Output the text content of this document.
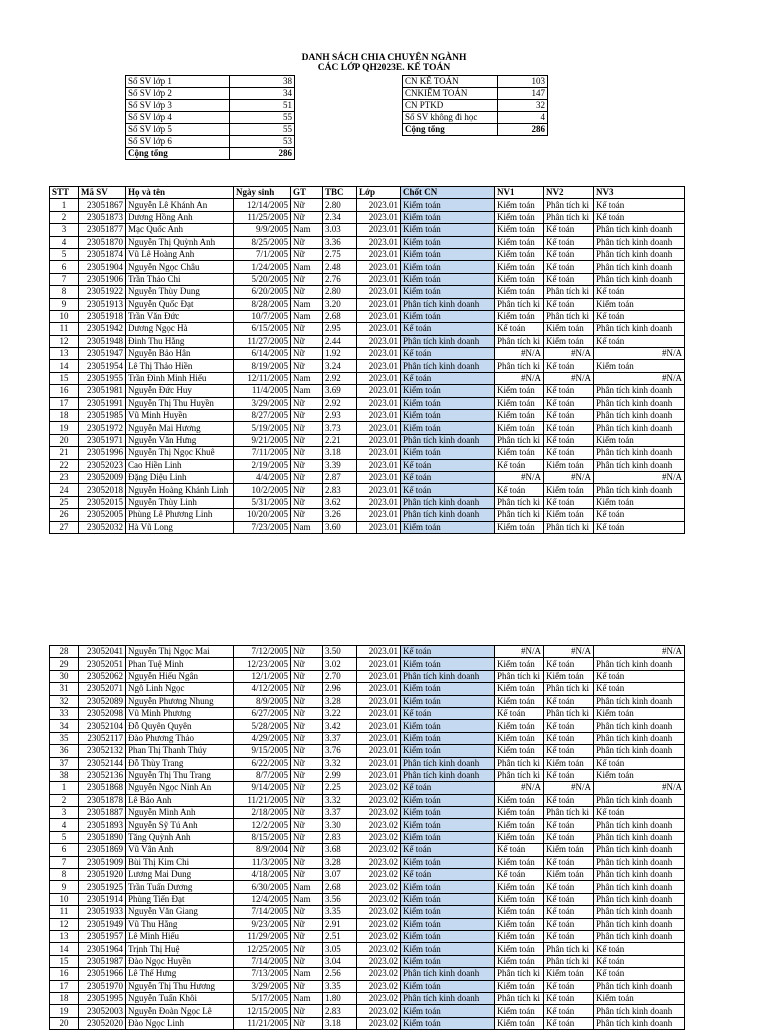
DANH SÁCH CHIA CHUYÊN NGÀNH
CÁC LỚP QH2023E. KẾ TOÁN
Số SV lớp 1	38
Số SV lớp 2	34
Số SV lớp 3	51
Số SV lớp 4	55
Số SV lớp 5	55
Số SV lớp 6	53
Cộng tổng	286
CN KẾ TOÁN	103
CNKIỂM TOÁN	147
CN PTKD	32
Số SV không đi học	4
Cộng tổng	286
STT	Mã SV	Họ và tên	Ngày sinh	GT	TBC	Lớp	Chốt CN	NV1	NV2	NV3
1	23051867	Nguyễn Lê Khánh An	12/14/2005	Nữ	2.80	2023.01	Kiểm toán	Kiểm toán	Phân tích ki	Kế toán
2	23051873	Dương Hồng Anh	11/25/2005	Nữ	2.34	2023.01	Kiểm toán	Kiểm toán	Phân tích ki	Kế toán
3	23051877	Mạc Quốc Anh	9/9/2005	Nam	3.03	2023.01	Kiểm toán	Kiểm toán	Kế toán	Phân tích kinh doanh
4	23051870	Nguyễn Thị Quỳnh Anh	8/25/2005	Nữ	3.36	2023.01	Kiểm toán	Kiểm toán	Kế toán	Phân tích kinh doanh
5	23051874	Vũ Lê Hoàng Anh	7/1/2005	Nữ	2.75	2023.01	Kiểm toán	Kiểm toán	Kế toán	Phân tích kinh doanh
6	23051904	Nguyễn Ngọc Châu	1/24/2005	Nam	2.48	2023.01	Kiểm toán	Kiểm toán	Kế toán	Phân tích kinh doanh
7	23051906	Trần Thảo Chi	5/20/2005	Nữ	2.76	2023.01	Kiểm toán	Kiểm toán	Kế toán	Phân tích kinh doanh
8	23051922	Nguyễn Thùy Dung	6/20/2005	Nữ	2.80	2023.01	Kiểm toán	Kiểm toán	Phân tích ki	Kế toán
9	23051913	Nguyễn Quốc Đạt	8/28/2005	Nam	3.20	2023.01	Phân tích kinh doanh	Phân tích ki	Kế toán	Kiểm toán
10	23051918	Trần Văn Đức	10/7/2005	Nam	2.68	2023.01	Kiểm toán	Kiểm toán	Phân tích ki	Kế toán
11	23051942	Dương Ngọc Hà	6/15/2005	Nữ	2.95	2023.01	Kế toán	Kế toán	Kiểm toán	Phân tích kinh doanh
12	23051948	Đinh Thu Hằng	11/27/2005	Nữ	2.44	2023.01	Phân tích kinh doanh	Phân tích ki	Kiểm toán	Kế toán
13	23051947	Nguyễn Bảo Hân	6/14/2005	Nữ	1.92	2023.01	Kế toán	#N/A	#N/A	#N/A
14	23051954	Lê Thị Thảo Hiền	8/19/2005	Nữ	3.24	2023.01	Phân tích kinh doanh	Phân tích ki	Kế toán	Kiểm toán
15	23051955	Trần Đình Minh Hiếu	12/11/2005	Nam	2.92	2023.01	Kế toán	#N/A	#N/A	#N/A
16	23051981	Nguyễn Đức Huy	11/4/2005	Nam	3.69	2023.01	Kiểm toán	Kiểm toán	Kế toán	Phân tích kinh doanh
17	23051991	Nguyễn Thị Thu Huyền	3/29/2005	Nữ	2.92	2023.01	Kiểm toán	Kiểm toán	Kế toán	Phân tích kinh doanh
18	23051985	Vũ Minh Huyền	8/27/2005	Nữ	2.93	2023.01	Kiểm toán	Kiểm toán	Kế toán	Phân tích kinh doanh
19	23051972	Nguyễn Mai Hương	5/19/2005	Nữ	3.73	2023.01	Kiểm toán	Kiểm toán	Kế toán	Phân tích kinh doanh
20	23051971	Nguyễn Văn Hưng	9/21/2005	Nữ	2.21	2023.01	Phân tích kinh doanh	Phân tích ki	Kế toán	Kiểm toán
21	23051996	Nguyễn Thị Ngọc Khuê	7/11/2005	Nữ	3.18	2023.01	Kiểm toán	Kiểm toán	Kế toán	Phân tích kinh doanh
22	23052023	Cao Hiền Linh	2/19/2005	Nữ	3.39	2023.01	Kế toán	Kế toán	Kiểm toán	Phân tích kinh doanh
23	23052009	Đặng Diệu Linh	4/4/2005	Nữ	2.87	2023.01	Kế toán	#N/A	#N/A	#N/A
24	23052018	Nguyễn Hoàng Khánh Linh	10/2/2005	Nữ	2.83	2023.01	Kế toán	Kế toán	Kiểm toán	Phân tích kinh doanh
25	23052015	Nguyễn Thùy Linh	5/31/2005	Nữ	3.62	2023.01	Phân tích kinh doanh	Phân tích ki	Kế toán	Kiểm toán
26	23052005	Phùng Lê Phương Linh	10/20/2005	Nữ	3.26	2023.01	Phân tích kinh doanh	Phân tích ki	Kiểm toán	Kế toán
27	23052032	Hà Vũ Long	7/23/2005	Nam	3.60	2023.01	Kiểm toán	Kiểm toán	Phân tích ki	Kế toán
28	23052041	Nguyễn Thị Ngọc Mai	7/12/2005	Nữ	3.50	2023.01	Kế toán	#N/A	#N/A	#N/A
29	23052051	Phan Tuệ Minh	12/23/2005	Nữ	3.02	2023.01	Kiểm toán	Kiểm toán	Kế toán	Phân tích kinh doanh
30	23052062	Nguyễn Hiếu Ngân	12/1/2005	Nữ	2.70	2023.01	Phân tích kinh doanh	Phân tích ki	Kiểm toán	Kế toán
31	23052071	Ngô Linh Ngọc	4/12/2005	Nữ	2.96	2023.01	Kiểm toán	Kiểm toán	Phân tích ki	Kế toán
32	23052089	Nguyễn Phương Nhung	8/9/2005	Nữ	3.28	2023.01	Kiểm toán	Kiểm toán	Kế toán	Phân tích kinh doanh
33	23052098	Vũ Minh Phương	6/27/2005	Nữ	3.22	2023.01	Kế toán	Kế toán	Phân tích ki	Kiểm toán
34	23052104	Đỗ Quyên Quyên	5/28/2005	Nữ	3.42	2023.01	Kiểm toán	Kiểm toán	Kế toán	Phân tích kinh doanh
35	23052117	Đào Phương Thảo	4/29/2005	Nữ	3.37	2023.01	Kiểm toán	Kiểm toán	Kế toán	Phân tích kinh doanh
36	23052132	Phan Thị Thanh Thúy	9/15/2005	Nữ	3.76	2023.01	Kiểm toán	Kiểm toán	Kế toán	Phân tích kinh doanh
37	23052144	Đỗ Thùy Trang	6/22/2005	Nữ	3.32	2023.01	Phân tích kinh doanh	Phân tích ki	Kiểm toán	Kế toán
38	23052136	Nguyễn Thị Thu Trang	8/7/2005	Nữ	2.99	2023.01	Phân tích kinh doanh	Phân tích ki	Kế toán	Kiểm toán
1	23051868	Nguyễn Ngọc Ninh An	9/14/2005	Nữ	2.25	2023.02	Kế toán	#N/A	#N/A	#N/A
2	23051878	Lê Bảo Anh	11/21/2005	Nữ	3.32	2023.02	Kiểm toán	Kiểm toán	Kế toán	Phân tích kinh doanh
3	23051887	Nguyễn Minh Anh	2/18/2005	Nữ	3.37	2023.02	Kiểm toán	Kiểm toán	Phân tích ki	Kế toán
4	23051893	Nguyễn Sỹ Tú Anh	12/2/2005	Nữ	3.30	2023.02	Kiểm toán	Kiểm toán	Kế toán	Phân tích kinh doanh
5	23051890	Tăng Quỳnh Anh	8/15/2005	Nữ	2.83	2023.02	Kiểm toán	Kiểm toán	Kế toán	Phân tích kinh doanh
6	23051869	Vũ Vân Anh	8/9/2004	Nữ	3.68	2023.02	Kế toán	Kế toán	Kiểm toán	Phân tích kinh doanh
7	23051909	Bùi Thị Kim Chi	11/3/2005	Nữ	3.28	2023.02	Kiểm toán	Kiểm toán	Kế toán	Phân tích kinh doanh
8	23051920	Lương Mai Dung	4/18/2005	Nữ	3.07	2023.02	Kế toán	Kế toán	Kiểm toán	Phân tích kinh doanh
9	23051925	Trần Tuấn Dương	6/30/2005	Nam	2.68	2023.02	Kiểm toán	Kiểm toán	Kế toán	Phân tích kinh doanh
10	23051914	Phùng Tiến Đạt	12/4/2005	Nam	3.56	2023.02	Kiểm toán	Kiểm toán	Kế toán	Phân tích kinh doanh
11	23051933	Nguyễn Văn Giang	7/14/2005	Nữ	3.35	2023.02	Kiểm toán	Kiểm toán	Kế toán	Phân tích kinh doanh
12	23051949	Vũ Thu Hằng	9/23/2005	Nữ	2.91	2023.02	Kiểm toán	Kiểm toán	Kế toán	Phân tích kinh doanh
13	23051957	Lê Minh Hiếu	11/29/2005	Nữ	2.51	2023.02	Kiểm toán	Kiểm toán	Kế toán	Phân tích kinh doanh
14	23051964	Trịnh Thị Huệ	12/25/2005	Nữ	3.05	2023.02	Kiểm toán	Kiểm toán	Phân tích ki	Kế toán
15	23051987	Đào Ngọc Huyền	7/14/2005	Nữ	3.04	2023.02	Kiểm toán	Kiểm toán	Phân tích ki	Kế toán
16	23051966	Lê Thế Hưng	7/13/2005	Nam	2.56	2023.02	Phân tích kinh doanh	Phân tích ki	Kiểm toán	Kế toán
17	23051970	Nguyễn Thị Thu Hương	3/29/2005	Nữ	3.35	2023.02	Kiểm toán	Kiểm toán	Kế toán	Phân tích kinh doanh
18	23051995	Nguyễn Tuấn Khôi	5/17/2005	Nam	1.80	2023.02	Phân tích kinh doanh	Phân tích ki	Kế toán	Kiểm toán
19	23052003	Nguyễn Đoàn Ngọc Lê	12/15/2005	Nữ	2.83	2023.02	Kiểm toán	Kiểm toán	Kế toán	Phân tích kinh doanh
20	23052020	Đào Ngọc Linh	11/21/2005	Nữ	3.18	2023.02	Kiểm toán	Kiểm toán	Kế toán	Phân tích kinh doanh
